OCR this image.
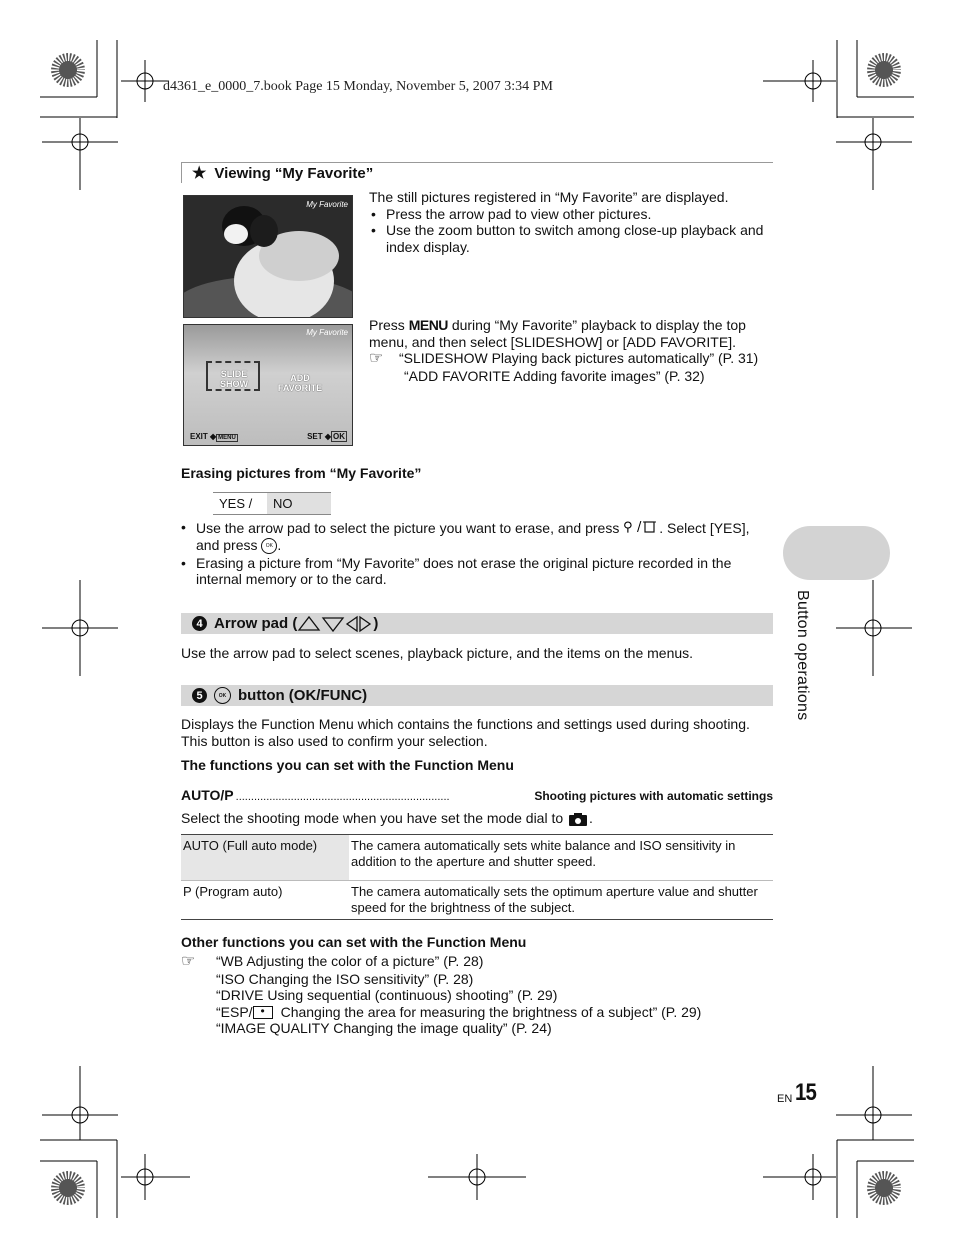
d4361_e_0000_7.book Page 15 Monday, November 5, 2007 3:34 PM
★ Viewing “My Favorite”
My Favorite
My Favorite
SLIDE SHOW
ADD FAVORITE
EXIT ◆ MENU	SET ◆ OK
The still pictures registered in “My Favorite” are displayed.
• Press the arrow pad to view other pictures.
• Use the zoom button to switch among close-up playback and index display.
Press MENU during “My Favorite” playback to display the top menu, and then select [SLIDESHOW] or [ADD FAVORITE].
☞ “SLIDESHOW Playing back pictures automatically” (P. 31)
“ADD FAVORITE Adding favorite images” (P. 32)
Erasing pictures from “My Favorite”
YES /	NO
• Use the arrow pad to select the picture you want to erase, and press ⚲ / . Select [YES], and press OK .
• Erasing a picture from “My Favorite” does not erase the original picture recorded in the internal memory or to the card.
4 Arrow pad (	)
Use the arrow pad to select scenes, playback picture, and the items on the menus.
5	OK button (OK/FUNC)
Displays the Function Menu which contains the functions and settings used during shooting. This button is also used to confirm your selection.
The functions you can set with the Function Menu
AUTO/P ......................................................................	Shooting pictures with automatic settings
Select the shooting mode when you have set the mode dial to .
AUTO (Full auto mode)	The camera automatically sets white balance and ISO sensitivity in addition to the aperture and shutter speed.
P (Program auto)	The camera automatically sets the optimum aperture value and shutter speed for the brightness of the subject.
Other functions you can set with the Function Menu
☞ “WB Adjusting the color of a picture” (P. 28)
“ISO Changing the ISO sensitivity” (P. 28)
“DRIVE Using sequential (continuous) shooting” (P. 29)
“ESP/ • Changing the area for measuring the brightness of a subject” (P. 29)
“IMAGE QUALITY Changing the image quality” (P. 24)
Button operations
EN 15
